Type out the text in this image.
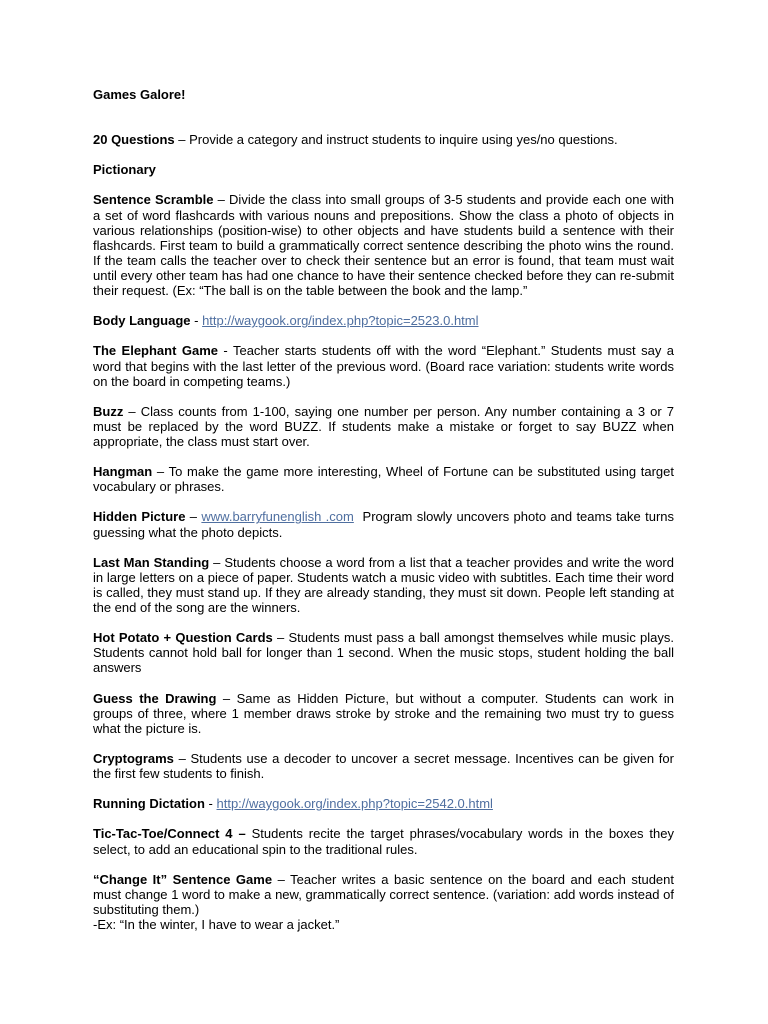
Games Galore!

20 Questions – Provide a category and instruct students to inquire using yes/no questions.

Pictionary

Sentence Scramble – Divide the class into small groups of 3-5 students and provide each one with a set of word flashcards with various nouns and prepositions. Show the class a photo of objects in various relationships (position-wise) to other objects and have students build a sentence with their flashcards. First team to build a grammatically correct sentence describing the photo wins the round. If the team calls the teacher over to check their sentence but an error is found, that team must wait until every other team has had one chance to have their sentence checked before they can re-submit their request. (Ex: “The ball is on the table between the book and the lamp.”

Body Language - http://waygook.org/index.php?topic=2523.0.html

The Elephant Game - Teacher starts students off with the word “Elephant.” Students must say a word that begins with the last letter of the previous word. (Board race variation: students write words on the board in competing teams.)

Buzz – Class counts from 1-100, saying one number per person. Any number containing a 3 or 7 must be replaced by the word BUZZ. If students make a mistake or forget to say BUZZ when appropriate, the class must start over.

Hangman – To make the game more interesting, Wheel of Fortune can be substituted using target vocabulary or phrases.

Hidden Picture – www.barryfunenglish .com  Program slowly uncovers photo and teams take turns guessing what the photo depicts.

Last Man Standing – Students choose a word from a list that a teacher provides and write the word in large letters on a piece of paper. Students watch a music video with subtitles. Each time their word is called, they must stand up. If they are already standing, they must sit down. People left standing at the end of the song are the winners.

Hot Potato + Question Cards – Students must pass a ball amongst themselves while music plays. Students cannot hold ball for longer than 1 second. When the music stops, student holding the ball answers

Guess the Drawing – Same as Hidden Picture, but without a computer. Students can work in groups of three, where 1 member draws stroke by stroke and the remaining two must try to guess what the picture is.

Cryptograms – Students use a decoder to uncover a secret message. Incentives can be given for the first few students to finish.

Running Dictation - http://waygook.org/index.php?topic=2542.0.html

Tic-Tac-Toe/Connect 4 – Students recite the target phrases/vocabulary words in the boxes they select, to add an educational spin to the traditional rules.

“Change It” Sentence Game – Teacher writes a basic sentence on the board and each student must change 1 word to make a new, grammatically correct sentence. (variation: add words instead of substituting them.)
-Ex: “In the winter, I have to wear a jacket.”
